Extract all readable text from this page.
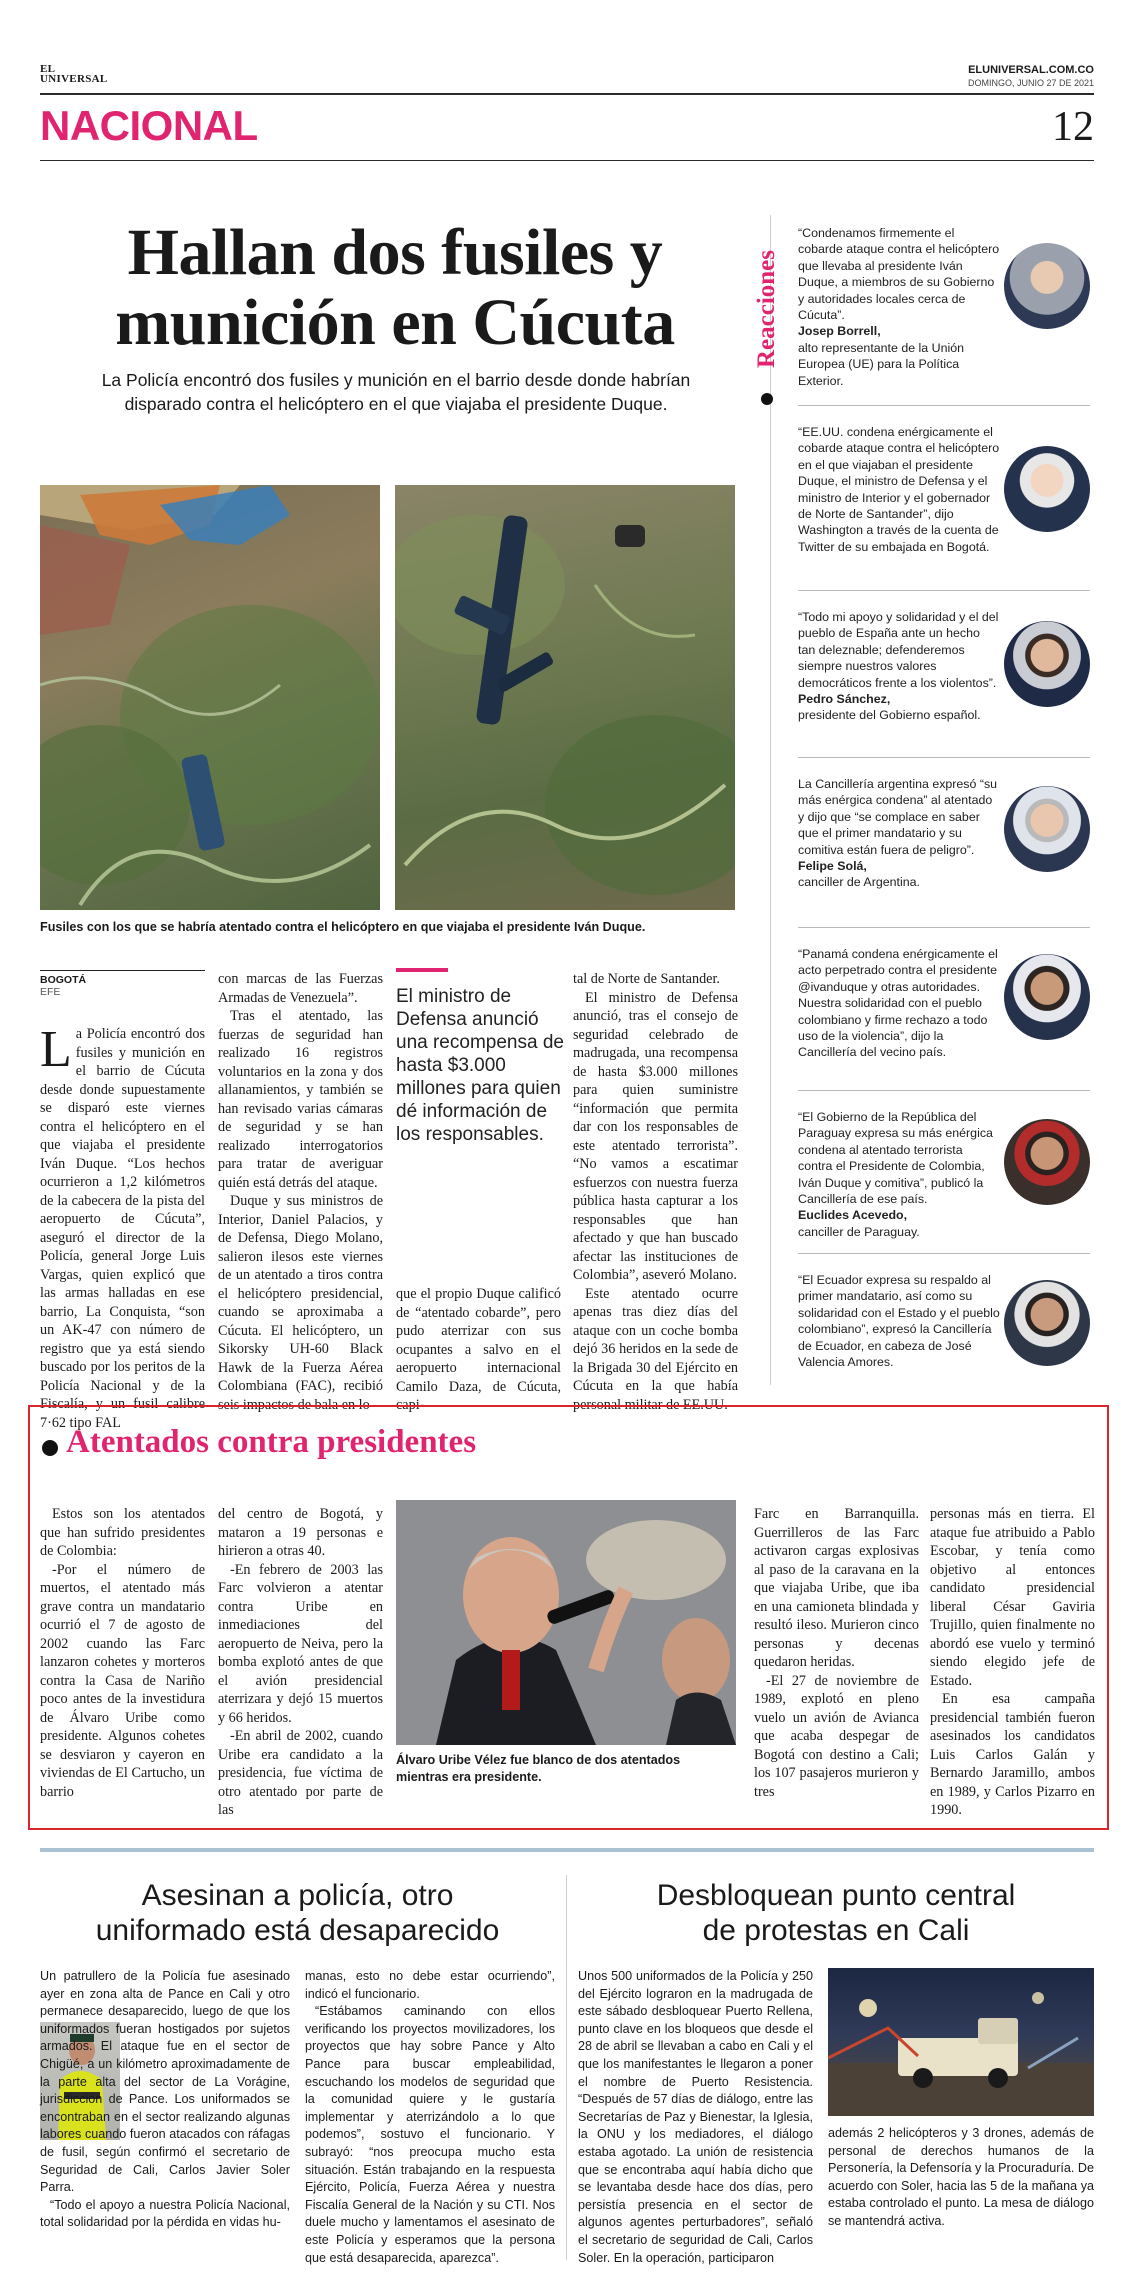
EL
UNIVERSAL
ELUNIVERSAL.COM.CO
DOMINGO, JUNIO 27 DE 2021
NACIONAL	12
Hallan dos fusiles y
munición en Cúcuta
La Policía encontró dos fusiles y munición en el barrio desde donde habrían disparado contra el helicóptero en el que viajaba el presidente Duque.
Fusiles con los que se habría atentado contra el helicóptero en que viajaba el presidente Iván Duque.
BOGOTÁ
EFE
L a Policía encontró dos fusiles y munición en el barrio de Cúcuta desde donde supuestamente se disparó este viernes contra el helicóptero en el que viajaba el presidente Iván Duque. “Los hechos ocurrieron a 1,2 kilómetros de la cabecera de la pista del aeropuerto de Cúcuta”, aseguró el director de la Policía, general Jorge Luis Vargas, quien explicó que las armas halladas en ese barrio, La Conquista, “son un AK-47 con número de registro que ya está siendo buscado por los peritos de la Policía Nacional y de la Fiscalía, y un fusil calibre 7·62 tipo FAL

con marcas de las Fuerzas Armadas de Venezuela”.

Tras el atentado, las fuerzas de seguridad han realizado 16 registros voluntarios en la zona y dos allanamientos, y también se han revisado varias cámaras de seguridad y se han realizado interrogatorios para tratar de averiguar quién está detrás del ataque.

Duque y sus ministros de Interior, Daniel Palacios, y de Defensa, Diego Molano, salieron ilesos este viernes de un atentado a tiros contra el helicóptero presidencial, cuando se aproximaba a Cúcuta. El helicóptero, un Sikorsky UH-60 Black Hawk de la Fuerza Aérea Colombiana (FAC), recibió seis impactos de bala en lo

El ministro de Defensa anunció una recompensa de hasta $3.000 millones para quien dé información de los responsables.

que el propio Duque calificó de “atentado cobarde”, pero pudo aterrizar con sus ocupantes a salvo en el aeropuerto internacional Camilo Daza, de Cúcuta, capi-

tal de Norte de Santander.

El ministro de Defensa anunció, tras el consejo de seguridad celebrado de madrugada, una recompensa de hasta $3.000 millones para quien suministre “información que permita dar con los responsables de este atentado terrorista”. “No vamos a escatimar esfuerzos con nuestra fuerza pública hasta capturar a los responsables que han afectado y que han buscado afectar las instituciones de Colombia”, aseveró Molano.

Este atentado ocurre apenas tras diez días del ataque con un coche bomba dejó 36 heridos en la sede de la Brigada 30 del Ejército en Cúcuta en la que había personal militar de EE.UU.

Reacciones
“Condenamos firmemente el cobarde ataque contra el helicóptero que llevaba al presidente Iván Duque, a miembros de su Gobierno y autoridades locales cerca de Cúcuta”.
Josep Borrell,
alto representante de la Unión Europea (UE) para la Política Exterior.
“EE.UU. condena enérgicamente el cobarde ataque contra el helicóptero en el que viajaban el presidente Duque, el ministro de Defensa y el ministro de Interior y el gobernador de Norte de Santander”, dijo Washington a través de la cuenta de Twitter de su embajada en Bogotá.
“Todo mi apoyo y solidaridad y el del pueblo de España ante un hecho tan deleznable; defenderemos siempre nuestros valores democráticos frente a los violentos”.
Pedro Sánchez,
presidente del Gobierno español.
La Cancillería argentina expresó “su más enérgica condena” al atentado y dijo que “se complace en saber que el primer mandatario y su comitiva están fuera de peligro”.
Felipe Solá,
canciller de Argentina.
“Panamá condena enérgicamente el acto perpetrado contra el presidente @ivanduque y otras autoridades. Nuestra solidaridad con el pueblo colombiano y firme rechazo a todo uso de la violencia”, dijo la Cancillería del vecino país.
“El Gobierno de la República del Paraguay expresa su más enérgica condena al atentado terrorista contra el Presidente de Colombia, Iván Duque y comitiva”, publicó la Cancillería de ese país.
Euclides Acevedo,
canciller de Paraguay.
“El Ecuador expresa su respaldo al primer mandatario, así como su solidaridad con el Estado y el pueblo colombiano”, expresó la Cancillería de Ecuador, en cabeza de José Valencia Amores.
Atentados contra presidentes

Estos son los atentados que han sufrido presidentes de Colombia:

-Por el número de muertos, el atentado más grave contra un mandatario ocurrió el 7 de agosto de 2002 cuando las Farc lanzaron cohetes y morteros contra la Casa de Nariño poco antes de la investidura de Álvaro Uribe como presidente. Algunos cohetes se desviaron y cayeron en viviendas de El Cartucho, un barrio

del centro de Bogotá, y mataron a 19 personas e hirieron a otras 40.

-En febrero de 2003 las Farc volvieron a atentar contra Uribe en inmediaciones del aeropuerto de Neiva, pero la bomba explotó antes de que el avión presidencial aterrizara y dejó 15 muertos y 66 heridos.

-En abril de 2002, cuando Uribe era candidato a la presidencia, fue víctima de otro atentado por parte de las

Álvaro Uribe Vélez fue blanco de dos atentados mientras era presidente.

Farc en Barranquilla. Guerrilleros de las Farc activaron cargas explosivas al paso de la caravana en la que viajaba Uribe, que iba en una camioneta blindada y resultó ileso. Murieron cinco personas y decenas quedaron heridas.

-El 27 de noviembre de 1989, explotó en pleno vuelo un avión de Avianca que acaba despegar de Bogotá con destino a Cali; los 107 pasajeros murieron y tres

personas más en tierra. El ataque fue atribuido a Pablo Escobar, y tenía como objetivo al entonces candidato presidencial liberal César Gaviria Trujillo, quien finalmente no abordó ese vuelo y terminó siendo elegido jefe de Estado.

En esa campaña presidencial también fueron asesinados los candidatos Luis Carlos Galán y Bernardo Jaramillo, ambos en 1989, y Carlos Pizarro en 1990.

Asesinan a policía, otro
uniformado está desaparecido
Un patrullero de la Policía fue asesinado ayer en zona alta de Pance en Cali y otro permanece desaparecido, luego de que los uniformados fueran hostigados por sujetos armados. El ataque fue en el sector de Chigüé, a un kilómetro aproximadamente de la parte alta del sector de La Vorágine, jurisdicción de Pance. Los uniformados se encontraban en el sector realizando algunas labores cuando fueron atacados con ráfagas de fusil, según confirmó el secretario de Seguridad de Cali, Carlos Javier Soler Parra.

“Todo el apoyo a nuestra Policía Nacional, total solidaridad por la pérdida en vidas hu-

manas, esto no debe estar ocurriendo”, indicó el funcionario.

“Estábamos caminando con ellos verificando los proyectos movilizadores, los proyectos que hay sobre Pance y Alto Pance para buscar empleabilidad, escuchando los modelos de seguridad que la comunidad quiere y le gustaría implementar y aterrizándolo a lo que podemos”, sostuvo el funcionario. Y subrayó: “nos preocupa mucho esta situación. Están trabajando en la respuesta Ejército, Policía, Fuerza Aérea y nuestra Fiscalía General de la Nación y su CTI. Nos duele mucho y lamentamos el asesinato de este Policía y esperamos que la persona que está desaparecida, aparezca”.

Desbloquean punto central
de protestas en Cali
Unos 500 uniformados de la Policía y 250 del Ejército lograron en la madrugada de este sábado desbloquear Puerto Rellena, punto clave en los bloqueos que desde el 28 de abril se llevaban a cabo en Cali y el que los manifestantes le llegaron a poner el nombre de Puerto Resistencia. “Después de 57 días de diálogo, entre las Secretarías de Paz y Bienestar, la Iglesia, la ONU y los mediadores, el diálogo estaba agotado. La unión de resistencia que se encontraba aquí había dicho que se levantaba desde hace dos días, pero persistía presencia en el sector de algunos agentes perturbadores”, señaló el secretario de seguridad de Cali, Carlos Soler. En la operación, participaron
además 2 helicópteros y 3 drones, además de personal de derechos humanos de la Personería, la Defensoría y la Procuraduría. De acuerdo con Soler, hacia las 5 de la mañana ya estaba controlado el punto. La mesa de diálogo se mantendrá activa.
